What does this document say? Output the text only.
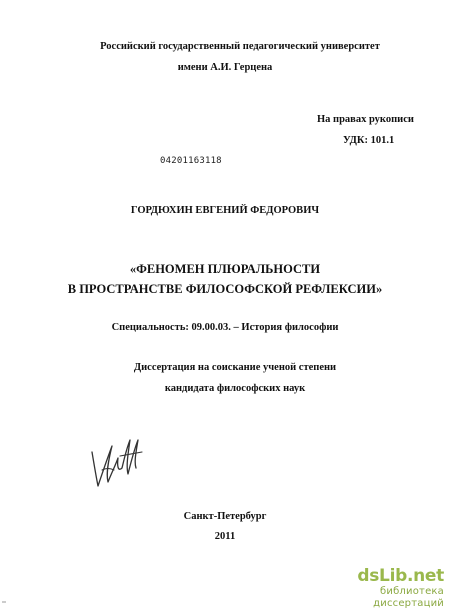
Российский государственный педагогический университет
имени А.И. Герцена
На правах рукописи
УДК: 101.1
04201163118
ГОРДЮХИН ЕВГЕНИЙ ФЕДОРОВИЧ
«ФЕНОМЕН ПЛЮРАЛЬНОСТИ
В ПРОСТРАНСТВЕ ФИЛОСОФСКОЙ РЕФЛЕКСИИ»
Специальность: 09.00.03. – История философии
Диссертация на соискание ученой степени
кандидата философских наук
Санкт-Петербург
2011
dsLib.net
библиотека диссертаций
